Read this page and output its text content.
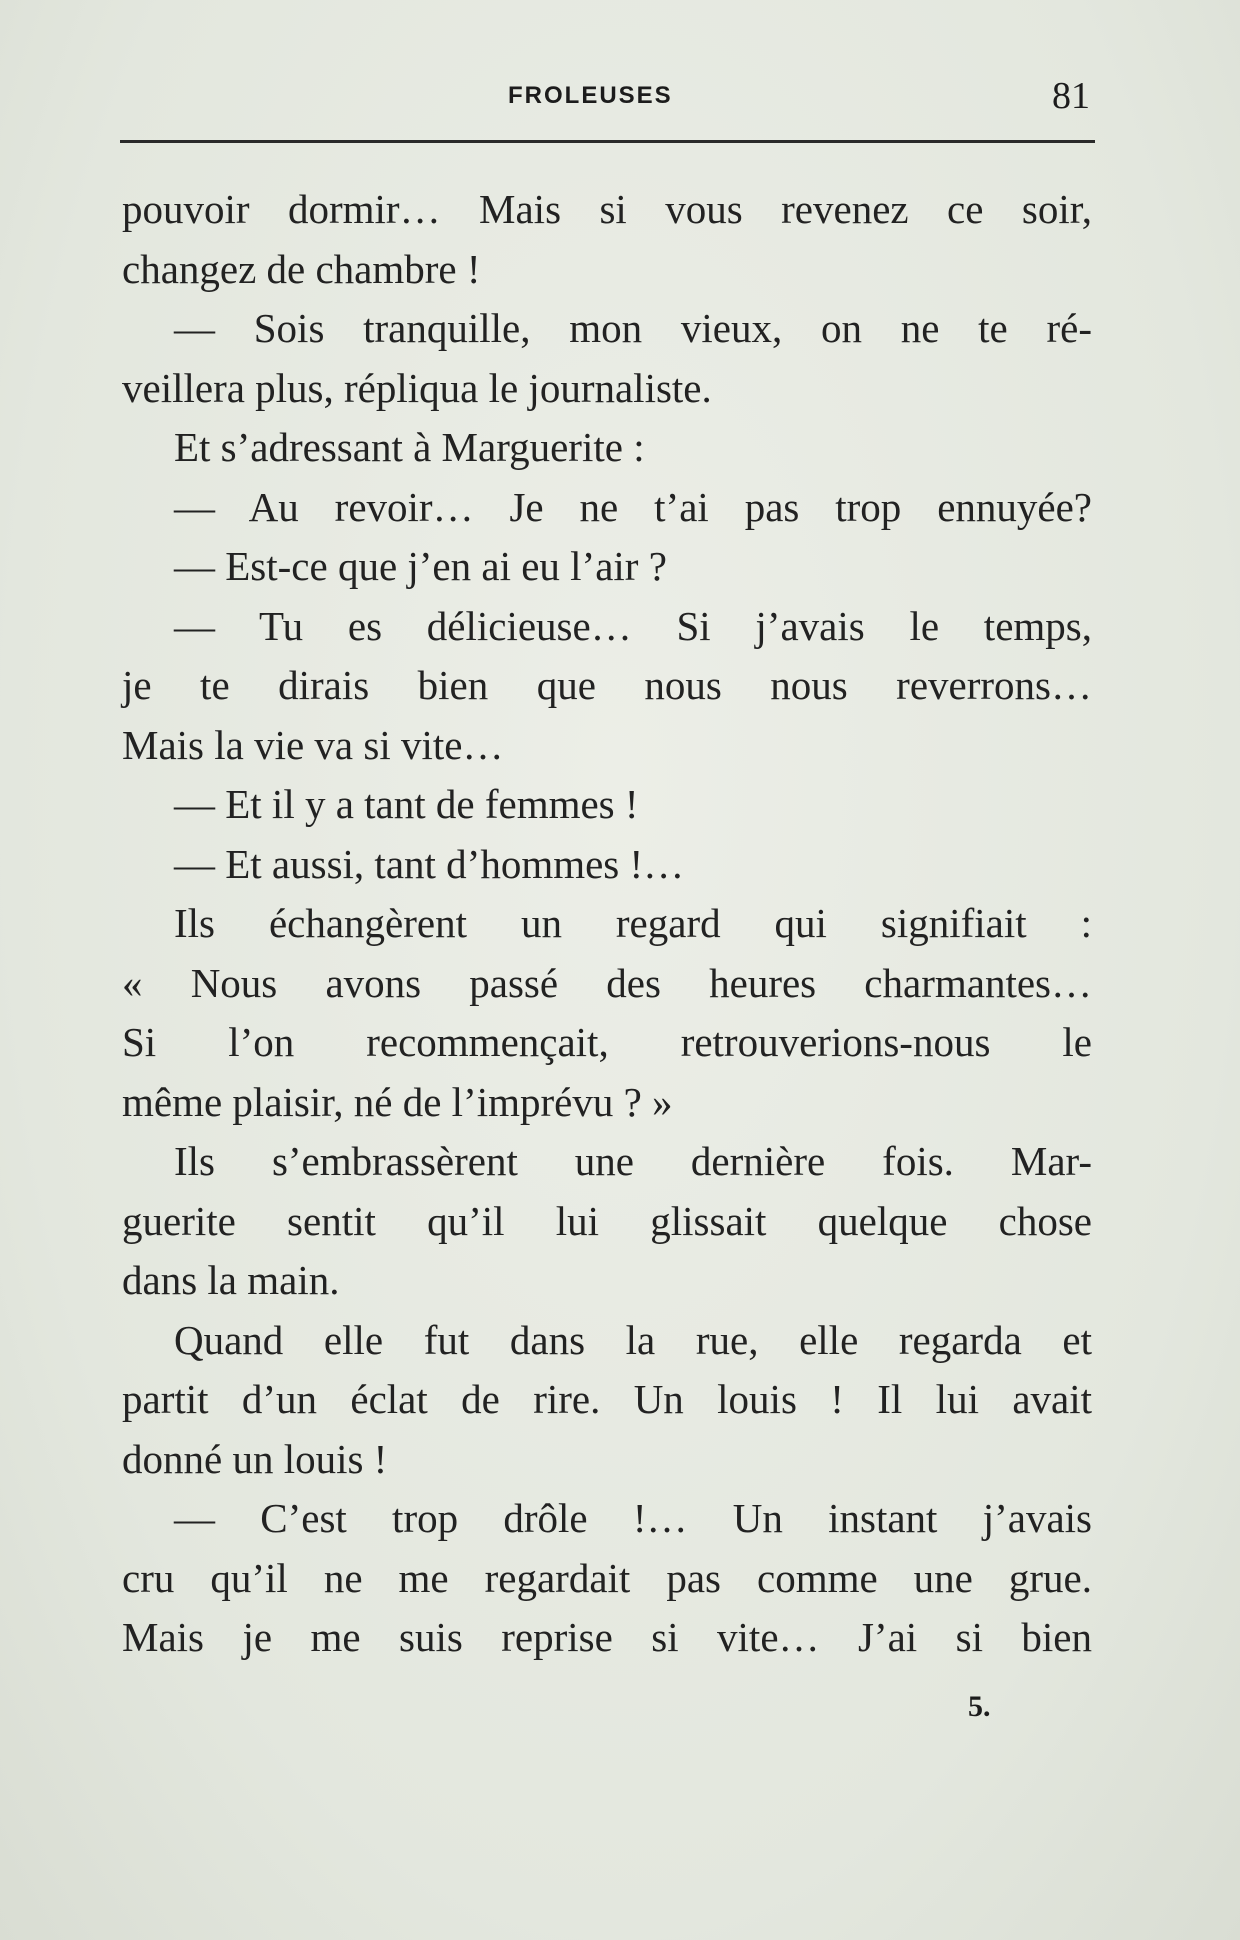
FROLEUSES	81
pouvoir dormir… Mais si vous revenez ce soir,
changez de chambre !
— Sois tranquille, mon vieux, on ne te ré-
veillera plus, répliqua le journaliste.
Et s’adressant à Marguerite :
— Au revoir… Je ne t’ai pas trop ennuyée?
— Est-ce que j’en ai eu l’air ?
— Tu es délicieuse… Si j’avais le temps,
je te dirais bien que nous nous reverrons…
Mais la vie va si vite…
— Et il y a tant de femmes !
— Et aussi, tant d’hommes !…
Ils échangèrent un regard qui signifiait :
« Nous avons passé des heures charmantes…
Si l’on recommençait, retrouverions-nous le
même plaisir, né de l’imprévu ? »
Ils s’embrassèrent une dernière fois. Mar-
guerite sentit qu’il lui glissait quelque chose
dans la main.
Quand elle fut dans la rue, elle regarda et
partit d’un éclat de rire. Un louis ! Il lui avait
donné un louis !
— C’est trop drôle !… Un instant j’avais
cru qu’il ne me regardait pas comme une grue.
Mais je me suis reprise si vite… J’ai si bien
5.
